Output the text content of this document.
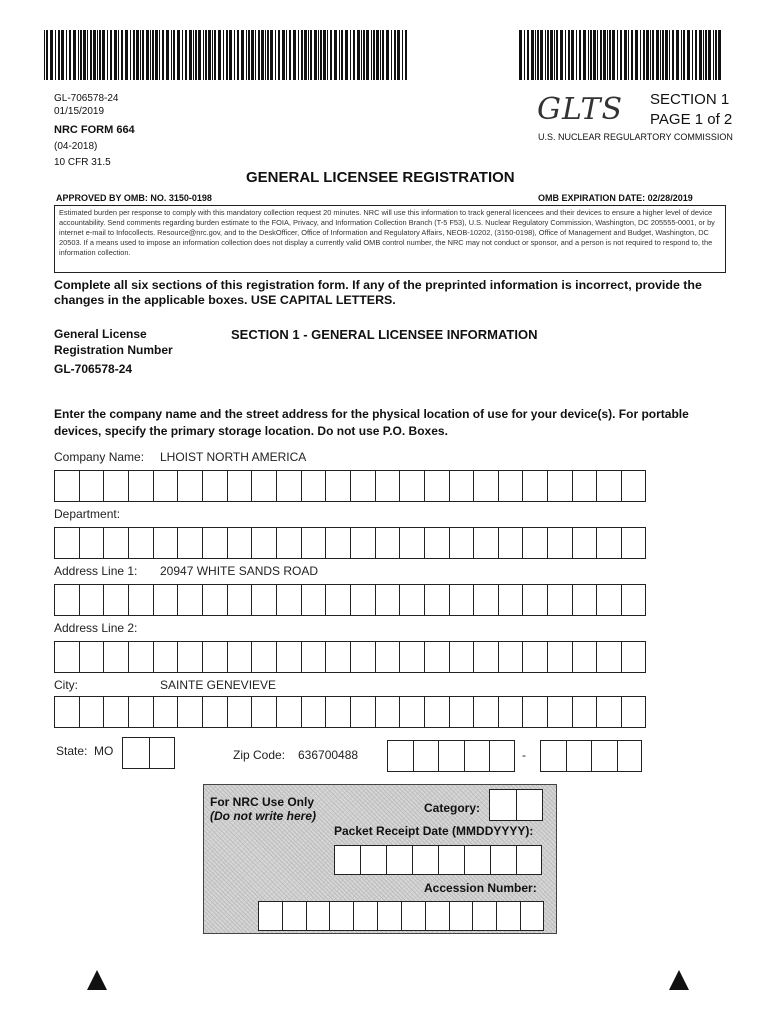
GL-706578-24
01/15/2019
NRC FORM 664
(04-2018)
10 CFR 31.5
GLTS SECTION 1
PAGE 1 of 2
U.S. NUCLEAR REGULARTORY COMMISSION
GENERAL LICENSEE REGISTRATION
APPROVED BY OMB: NO. 3150-0198	OMB EXPIRATION DATE: 02/28/2019
Estimated burden per response to comply with this mandatory collection request 20 minutes. NRC will use this information to track general licencees and their devices to ensure a higher level of device accountability. Send comments regarding burden estimate to the FOIA, Privacy, and Information Collection Branch (T-5 F53), U.S. Nuclear Regulatory Commission, Washington, DC 205555-0001, or by internet e-mail to Infocollects. Resource@nrc.gov, and to the DeskOfficer, Office of Information and Regulatory Affairs, NEOB-10202, (3150-0198), Office of Management and Budget, Washington, DC 20503. If a means used to impose an information collection does not display a currently valid OMB control number, the NRC may not conduct or sponsor, and a person is not required to respond to, the information collection.
Complete all six sections of this registration form. If any of the preprinted information is incorrect, provide the changes in the applicable boxes. USE CAPITAL LETTERS.
General License
Registration Number
GL-706578-24
SECTION 1 - GENERAL LICENSEE INFORMATION
Enter the company name and the street address for the physical location of use for your device(s). For portable devices, specify the primary storage location. Do not use P.O. Boxes.
Company Name: LHOIST NORTH AMERICA
Department:
Address Line 1: 20947 WHITE SANDS ROAD
Address Line 2:
City:	SAINTE GENEVIEVE
State: MO	Zip Code: 636700488	-
For NRC Use Only
(Do not write here)
Category:
Packet Receipt Date (MMDDYYYY):
Accession Number:
